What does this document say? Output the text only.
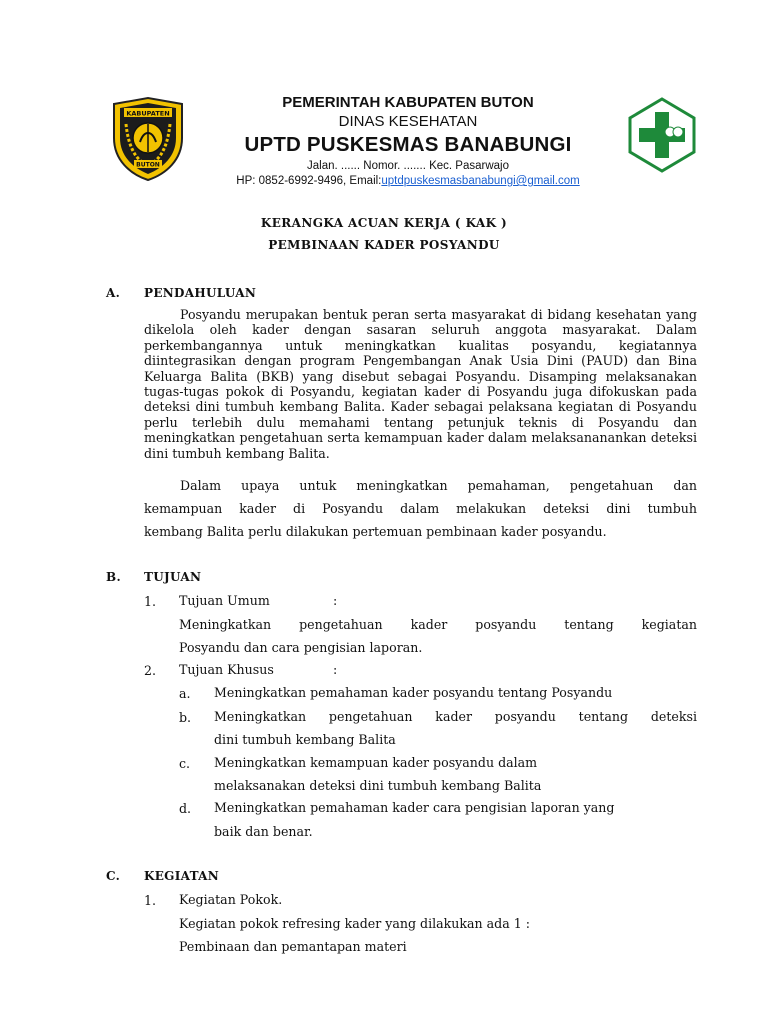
KABUPATEN
BUTON
PEMERINTAH KABUPATEN BUTON
DINAS KESEHATAN
UPTD PUSKESMAS BANABUNGI
Jalan. ...... Nomor. ....... Kec. Pasarwajo
HP: 0852-6992-9496, Email:uptdpuskesmasbanabungi@gmail.com
KERANGKA ACUAN KERJA ( KAK )
PEMBINAAN KADER POSYANDU
A. PENDAHULUAN
Posyandu merupakan bentuk peran serta masyarakat di bidang kesehatan yang dikelola oleh kader dengan sasaran seluruh anggota masyarakat. Dalam perkembangannya untuk meningkatkan kualitas posyandu, kegiatannya diintegrasikan dengan program Pengembangan Anak Usia Dini (PAUD) dan Bina Keluarga Balita (BKB) yang disebut sebagai Posyandu. Disamping melaksanakan tugas-tugas pokok di Posyandu, kegiatan kader di Posyandu juga difokuskan pada deteksi dini tumbuh kembang Balita. Kader sebagai pelaksana kegiatan di Posyandu perlu terlebih dulu memahami tentang petunjuk teknis di Posyandu dan meningkatkan pengetahuan serta kemampuan kader dalam melaksananankan deteksi dini tumbuh kembang Balita.
Dalam upaya untuk meningkatkan pemahaman, pengetahuan dan
kemampuan kader di Posyandu dalam melakukan deteksi dini tumbuh
kembang Balita perlu dilakukan pertemuan pembinaan kader posyandu.
B. TUJUAN
1. Tujuan Umum	:
Meningkatkan pengetahuan kader posyandu tentang kegiatan
Posyandu dan cara pengisian laporan.
2. Tujuan Khusus	:
a. Meningkatkan pemahaman kader posyandu tentang Posyandu
b. Meningkatkan pengetahuan kader posyandu tentang deteksi
dini tumbuh kembang Balita
c. Meningkatkan kemampuan kader posyandu dalam
melaksanakan deteksi dini tumbuh kembang Balita
d. Meningkatkan pemahaman kader cara pengisian laporan yang
baik dan benar.
C. KEGIATAN
1. Kegiatan Pokok.
Kegiatan pokok refresing kader yang dilakukan ada 1 :
Pembinaan dan pemantapan materi
